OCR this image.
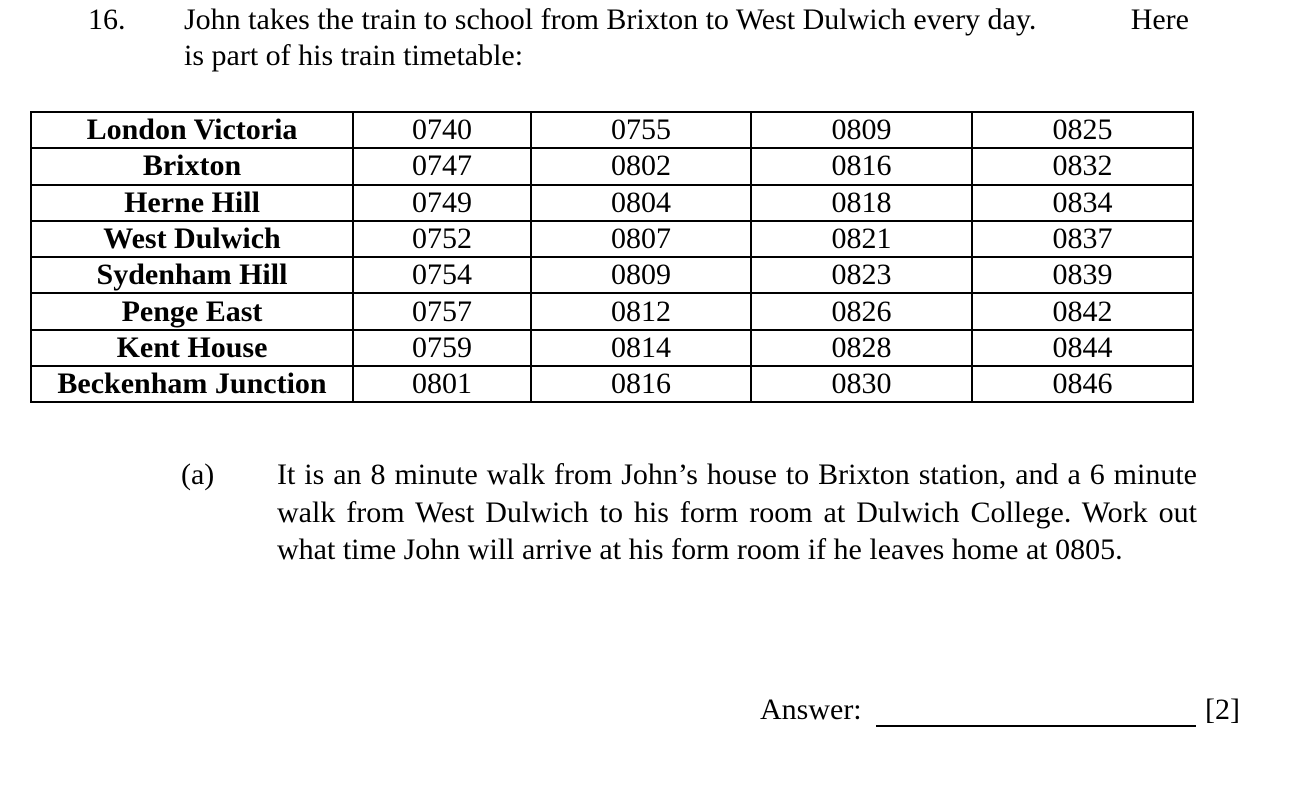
16. John takes the train to school from Brixton to West Dulwich every day.	Here
is part of his train timetable:
London Victoria	0740	0755	0809	0825
Brixton	0747	0802	0816	0832
Herne Hill	0749	0804	0818	0834
West Dulwich	0752	0807	0821	0837
Sydenham Hill	0754	0809	0823	0839
Penge East	0757	0812	0826	0842
Kent House	0759	0814	0828	0844
Beckenham Junction	0801	0816	0830	0846
(a) It is an 8 minute walk from John’s house to Brixton station, and a 6 minute walk from West Dulwich to his form room at Dulwich College. Work out what time John will arrive at his form room if he leaves home at 0805.
Answer:	[2]
